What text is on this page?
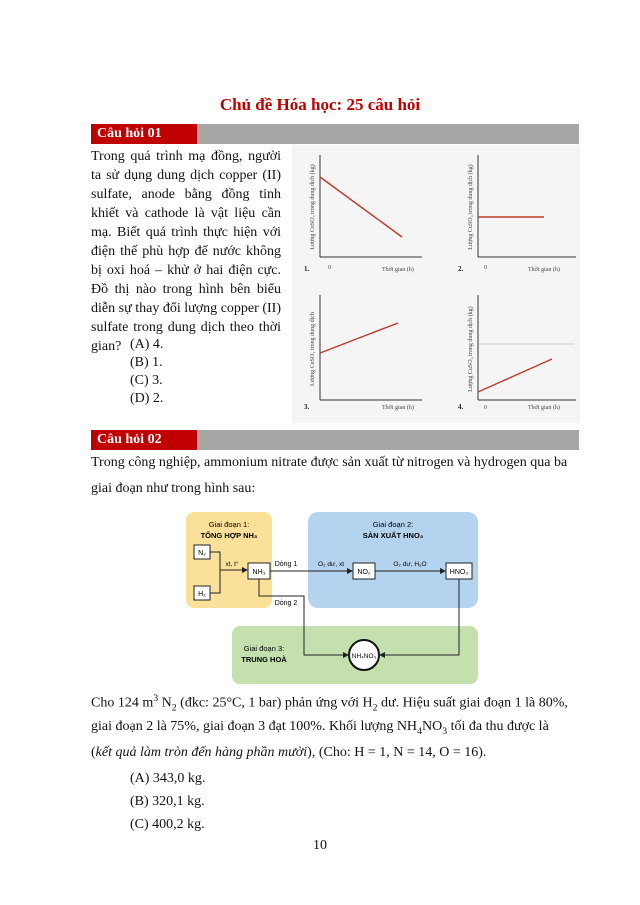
Chủ đề Hóa học: 25 câu hỏi
Câu hỏi 01
Trong quá trình mạ đồng, người ta sử dụng dung dịch copper (II) sulfate, anode bằng đồng tinh khiết và cathode là vật liệu cần mạ. Biết quá trình thực hiện với điện thế phù hợp để nước không bị oxi hoá – khử ở hai điện cực. Đồ thị nào trong hình bên biểu diễn sự thay đổi lượng copper (II) sulfate trong dung dịch theo thời gian? (A) 4.
(B) 1.
(C) 3.
(D) 2.
Lượng CuSO₄ trong dung dịch (kg)
0	Thời gian (h)
1.
Lượng CuSO₄ trong dung dịch (kg)
0	Thời gian (h)
2.
Lượng CuSO₄ trong dung dịch
Thời gian (h)
3.
Lượng CuSO₄ trong dung dịch (kg)
0	Thời gian (h)
4.
Câu hỏi 02
Trong công nghiệp, ammonium nitrate được sản xuất từ nitrogen và hydrogen qua ba
giai đoạn như trong hình sau:
Giai đoạn 1:
TỔNG HỢP NH₃
Giai đoạn 2:
SẢN XUẤT HNO₃
Giai đoạn 3:
TRUNG HOÀ
N₂
H₂
NH₃	NO₂	HNO₃
NH₄NO₃
xt, t°	Dòng 1	O₂ dư, xt	O₂ dư, H₂O
Dòng 2
Cho 124 $m^3$ $N_2$ (đkc: 25°C, 1 bar) phản ứng với $H_2$ dư. Hiệu suất giai đoạn 1 là 80%,
giai đoạn 2 là 75%, giai đoạn 3 đạt 100%. Khối lượng $NH_4NO_3$ tối đa thu được là
(kết quả làm tròn đến hàng phần mười), (Cho: H = 1, N = 14, O = 16).
(A) 343,0 kg.
(B) 320,1 kg.
(C) 400,2 kg.
10
